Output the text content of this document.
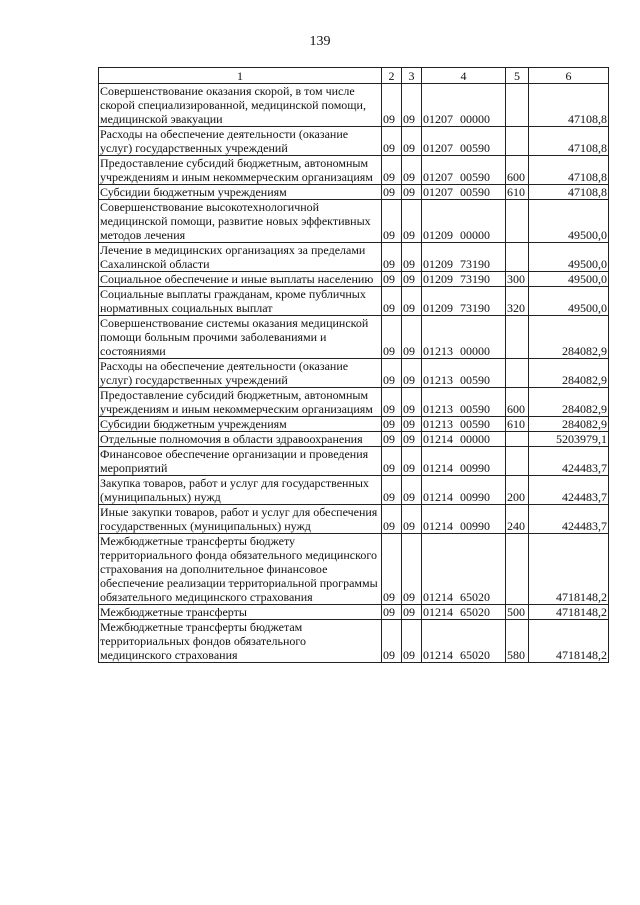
139
1	2	3	4	5	6
Совершенствование оказания скорой, в том числе скорой специализированной, медицинской помощи, медицинской эвакуации	09	09	01207 00000		47108,8
Расходы на обеспечение деятельности (оказание услуг) государственных учреждений	09	09	01207 00590		47108,8
Предоставление субсидий бюджетным, автономным учреждениям и иным некоммерческим организациям	09	09	01207 00590	600	47108,8
Субсидии бюджетным учреждениям	09	09	01207 00590	610	47108,8
Совершенствование высокотехнологичной медицинской помощи, развитие новых эффективных методов лечения	09	09	01209 00000		49500,0
Лечение в медицинских организациях за пределами Сахалинской области	09	09	01209 73190		49500,0
Социальное обеспечение и иные выплаты населению	09	09	01209 73190	300	49500,0
Социальные выплаты гражданам, кроме публичных нормативных социальных выплат	09	09	01209 73190	320	49500,0
Совершенствование системы оказания медицинской помощи больным прочими заболеваниями и состояниями	09	09	01213 00000		284082,9
Расходы на обеспечение деятельности (оказание услуг) государственных учреждений	09	09	01213 00590		284082,9
Предоставление субсидий бюджетным, автономным учреждениям и иным некоммерческим организациям	09	09	01213 00590	600	284082,9
Субсидии бюджетным учреждениям	09	09	01213 00590	610	284082,9
Отдельные полномочия в области здравоохранения	09	09	01214 00000		5203979,1
Финансовое обеспечение организации и проведения мероприятий	09	09	01214 00990		424483,7
Закупка товаров, работ и услуг для государственных (муниципальных) нужд	09	09	01214 00990	200	424483,7
Иные закупки товаров, работ и услуг для обеспечения государственных (муниципальных) нужд	09	09	01214 00990	240	424483,7
Межбюджетные трансферты бюджету территориального фонда обязательного медицинского страхования на дополнительное финансовое обеспечение реализации территориальной программы обязательного медицинского страхования	09	09	01214 65020		4718148,2
Межбюджетные трансферты	09	09	01214 65020	500	4718148,2
Межбюджетные трансферты бюджетам территориальных фондов обязательного медицинского страхования	09	09	01214 65020	580	4718148,2
